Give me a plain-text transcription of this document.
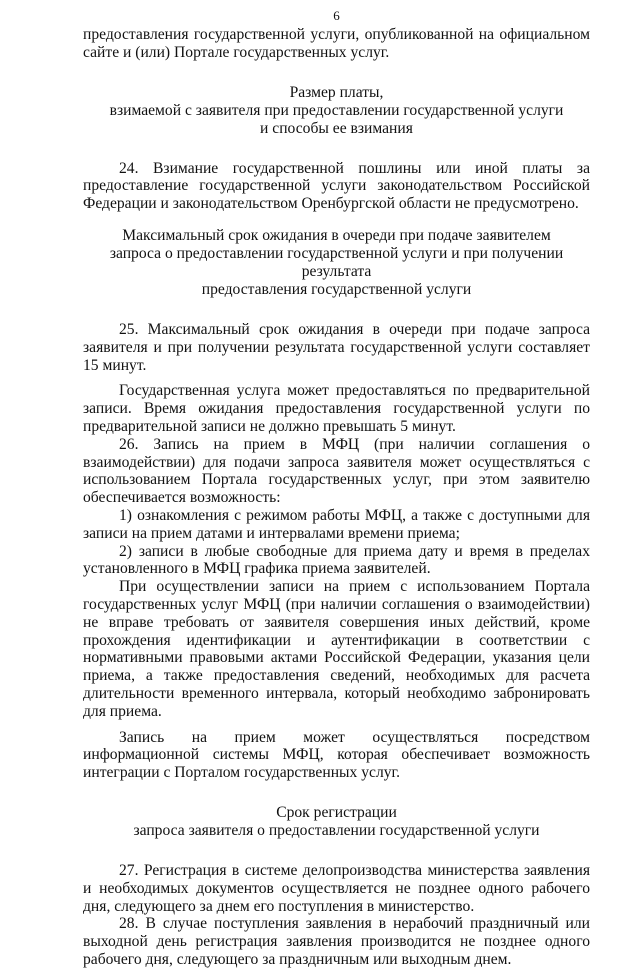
6

предоставления государственной услуги, опубликованной на официальном сайте и (или) Портале государственных услуг.

Размер платы,
взимаемой с заявителя при предоставлении государственной услуги
и способы ее взимания

24. Взимание государственной пошлины или иной платы за предоставление государственной услуги законодательством Российской Федерации и законодательством Оренбургской области не предусмотрено.

Максимальный срок ожидания в очереди при подаче заявителем
запроса о предоставлении государственной услуги и при получении результата
предоставления государственной услуги

25. Максимальный срок ожидания в очереди при подаче запроса заявителя и при получении результата государственной услуги составляет 15 минут.

Государственная услуга может предоставляться по предварительной записи. Время ожидания предоставления государственной услуги по предварительной записи не должно превышать 5 минут.

26. Запись на прием в МФЦ (при наличии соглашения о взаимодействии) для подачи запроса заявителя может осуществляться с использованием Портала государственных услуг, при этом заявителю обеспечивается возможность:

1) ознакомления с режимом работы МФЦ, а также с доступными для записи на прием датами и интервалами времени приема;

2) записи в любые свободные для приема дату и время в пределах установленного в МФЦ графика приема заявителей.

При осуществлении записи на прием с использованием Портала государственных услуг МФЦ (при наличии соглашения о взаимодействии) не вправе требовать от заявителя совершения иных действий, кроме прохождения идентификации и аутентификации в соответствии с нормативными правовыми актами Российской Федерации, указания цели приема, а также предоставления сведений, необходимых для расчета длительности временного интервала, который необходимо забронировать для приема.

Запись на прием может осуществляться посредством информационной системы МФЦ, которая обеспечивает возможность интеграции с Порталом государственных услуг.

Срок регистрации
запроса заявителя о предоставлении государственной услуги

27. Регистрация в системе делопроизводства министерства заявления и необходимых документов осуществляется не позднее одного рабочего дня, следующего за днем его поступления в министерство.

28. В случае поступления заявления в нерабочий праздничный или выходной день регистрация заявления производится не позднее одного рабочего дня, следующего за праздничным или выходным днем.
